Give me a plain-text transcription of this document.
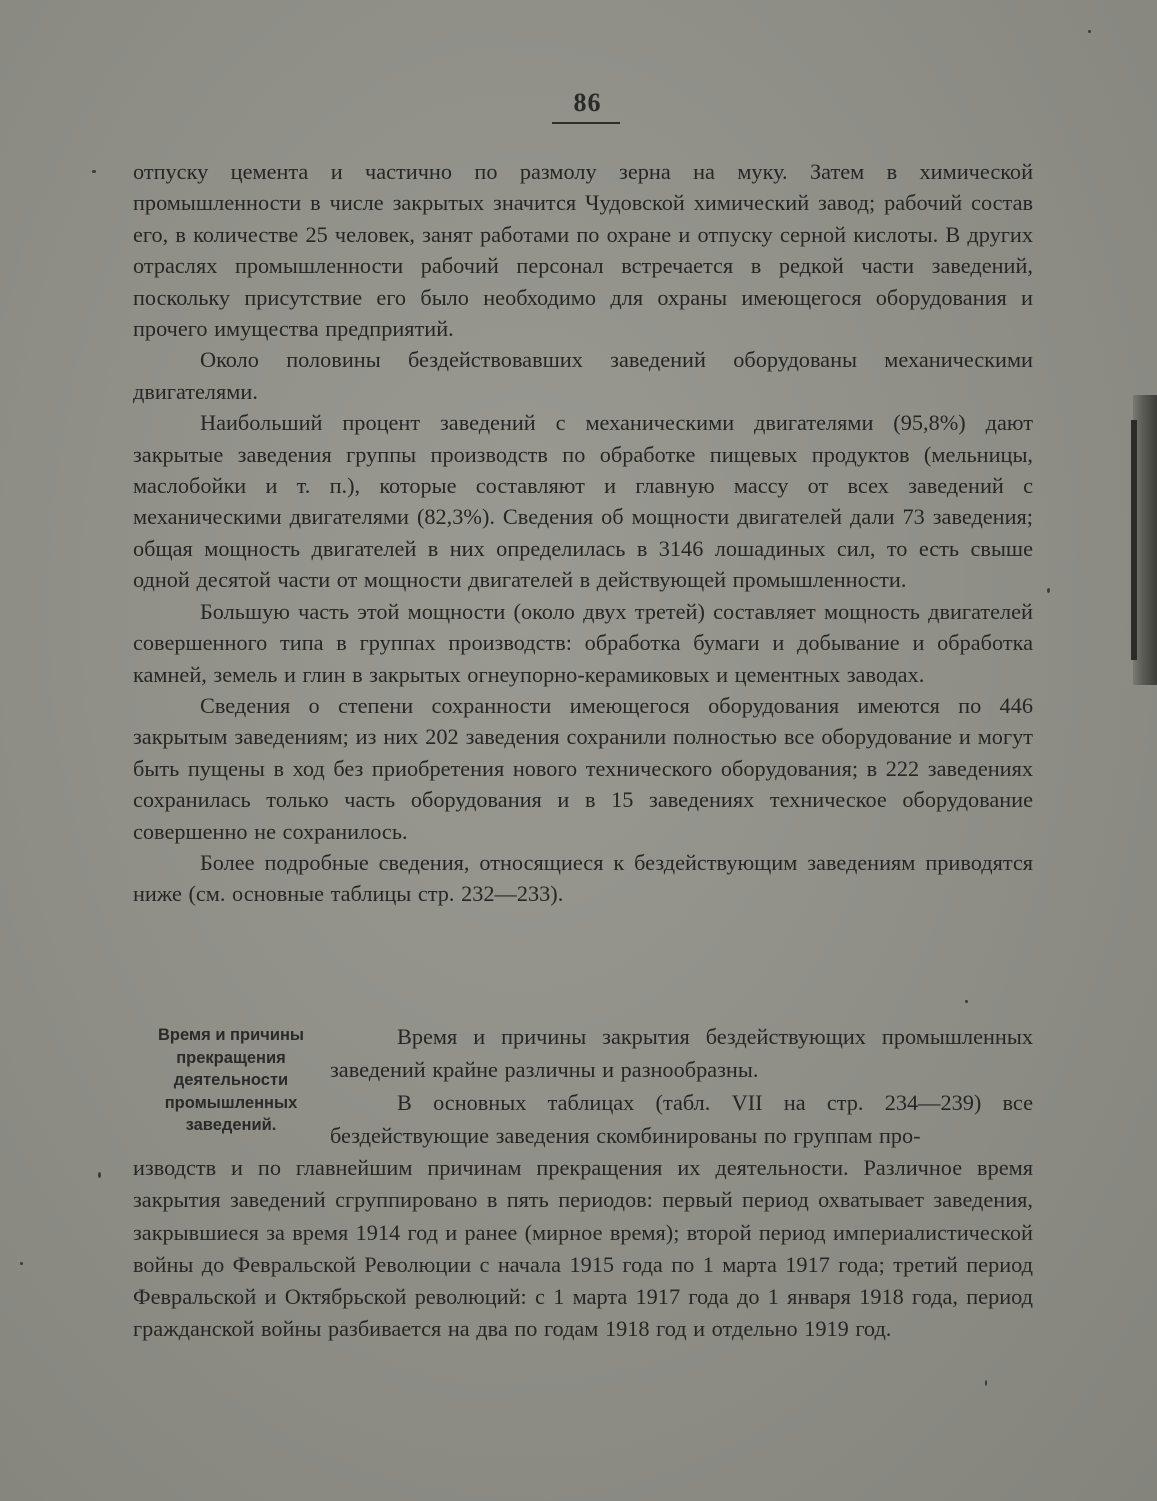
86

отпуску цемента и частично по размолу зерна на муку. Затем в химической промышленности в числе закрытых значится Чудовской химический завод; рабочий состав его, в количестве 25 человек, занят работами по охране и отпуску серной кислоты. В других отраслях промышленности рабочий персонал встречается в редкой части заведений, поскольку присутствие его было необходимо для охраны имеющегося оборудования и прочего имущества предприятий.

Около половины бездействовавших заведений оборудованы механическими двигателями.

Наибольший процент заведений с механическими двигателями (95,8%) дают закрытые заведения группы производств по обработке пищевых продуктов (мельницы, маслобойки и т. п.), которые составляют и главную массу от всех заведений с механическими двигателями (82,3%). Сведения об мощности двигателей дали 73 заведения; общая мощность двигателей в них определилась в 3146 лошадиных сил, то есть свыше одной десятой части от мощности двигателей в действующей промышленности.

Большую часть этой мощности (около двух третей) составляет мощность двигателей совершенного типа в группах производств: обработка бумаги и добывание и обработка камней, земель и глин в закрытых огнеупорно-керамиковых и цементных заводах.

Сведения о степени сохранности имеющегося оборудования имеются по 446 закрытым заведениям; из них 202 заведения сохранили полностью все оборудование и могут быть пущены в ход без приобретения нового технического оборудования; в 222 заведениях сохранилась только часть оборудования и в 15 заведениях техническое оборудование совершенно не сохранилось.

Более подробные сведения, относящиеся к бездействующим заведениям приводятся ниже (см. основные таблицы стр. 232—233).

Время и причины прекращения деятельности промышленных заведений.

Время и причины закрытия бездействующих промышленных заведений крайне различны и разнообразны.

В основных таблицах (табл. VII на стр. 234—239) все бездействующие заведения скомбинированы по группам про-

изводств и по главнейшим причинам прекращения их деятельности. Различное время закрытия заведений сгруппировано в пять периодов: первый период охватывает заведения, закрывшиеся за время 1914 год и ранее (мирное время); второй период империалистической войны до Февральской Революции с начала 1915 года по 1 марта 1917 года; третий период Февральской и Октябрьской революций: с 1 марта 1917 года до 1 января 1918 года, период гражданской войны разбивается на два по годам 1918 год и отдельно 1919 год.
